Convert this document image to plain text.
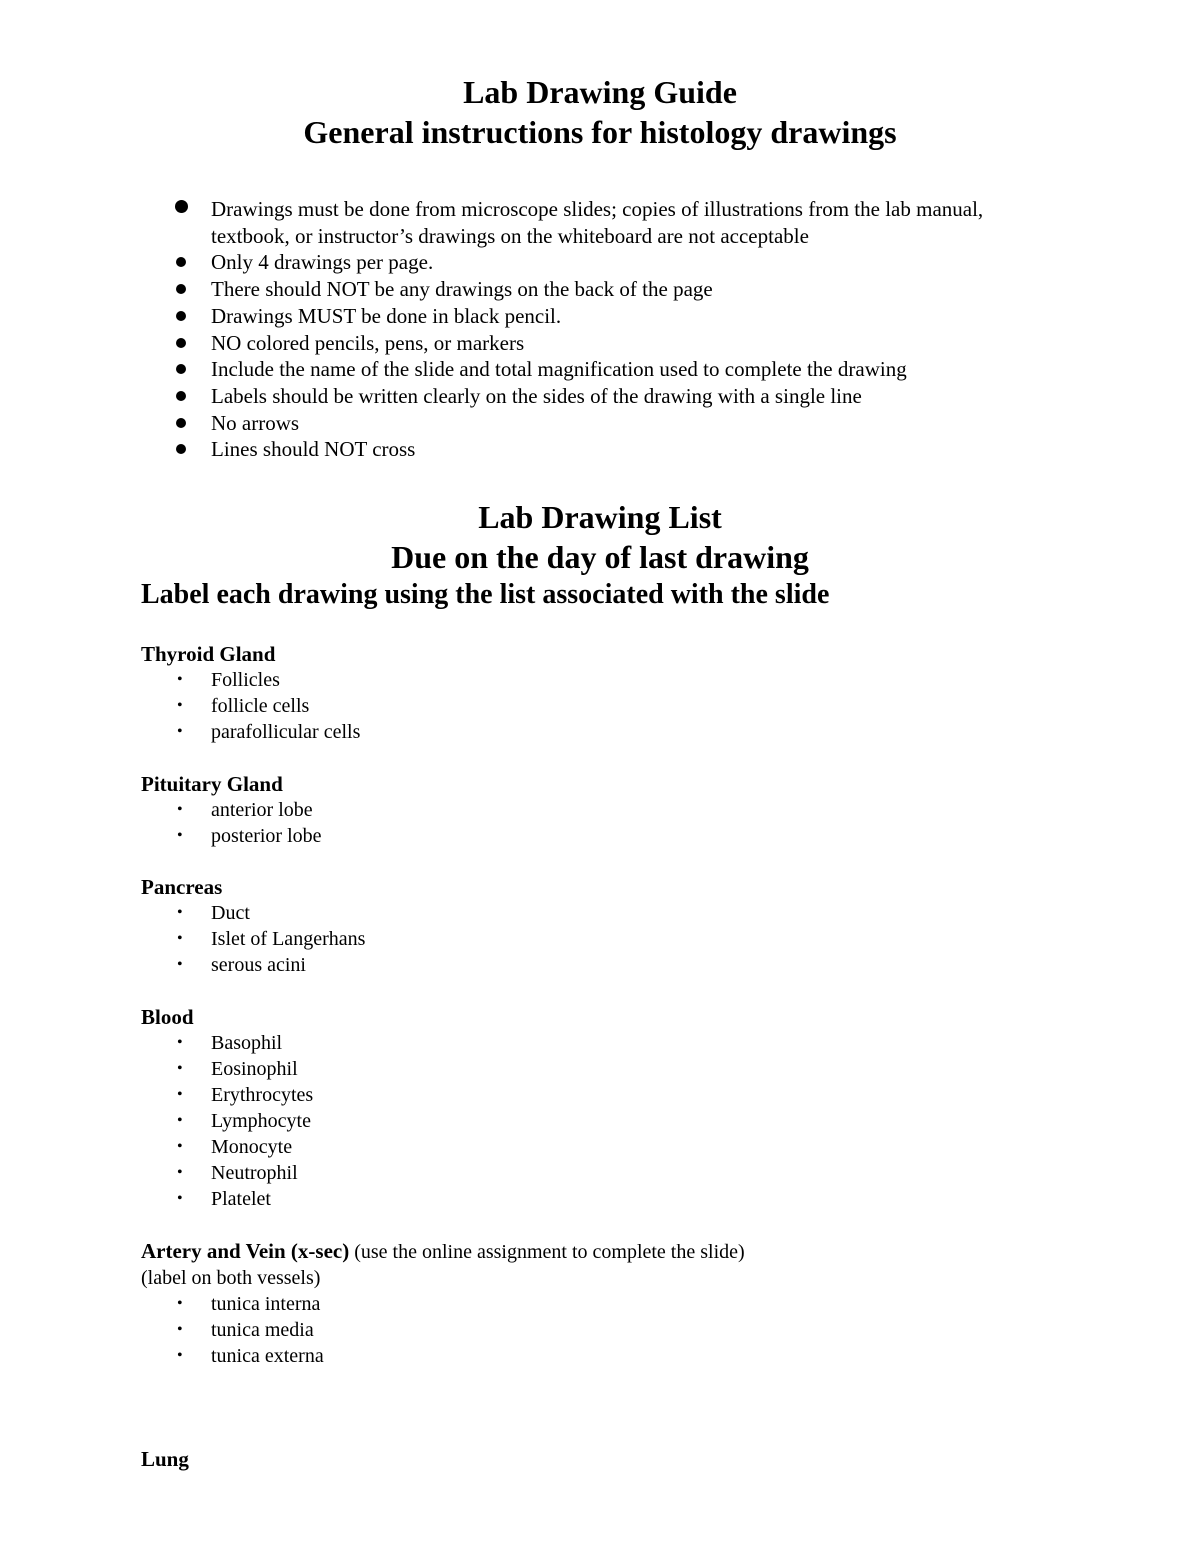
Lab Drawing Guide
General instructions for histology drawings
Drawings must be done from microscope slides; copies of illustrations from the lab manual, textbook, or instructor’s drawings on the whiteboard are not acceptable
Only 4 drawings per page.
There should NOT be any drawings on the back of the page
Drawings MUST be done in black pencil.
NO colored pencils, pens, or markers
Include the name of the slide and total magnification used to complete the drawing
Labels should be written clearly on the sides of the drawing with a single line
No arrows
Lines should NOT cross
Lab Drawing List
Due on the day of last drawing
Label each drawing using the list associated with the slide
Thyroid Gland
• Follicles
• follicle cells
• parafollicular cells
Pituitary Gland
• anterior lobe
• posterior lobe
Pancreas
• Duct
• Islet of Langerhans
• serous acini
Blood
• Basophil
• Eosinophil
• Erythrocytes
• Lymphocyte
• Monocyte
• Neutrophil
• Platelet
Artery and Vein (x-sec) (use the online assignment to complete the slide)
(label on both vessels)
• tunica interna
• tunica media
• tunica externa
Lung
